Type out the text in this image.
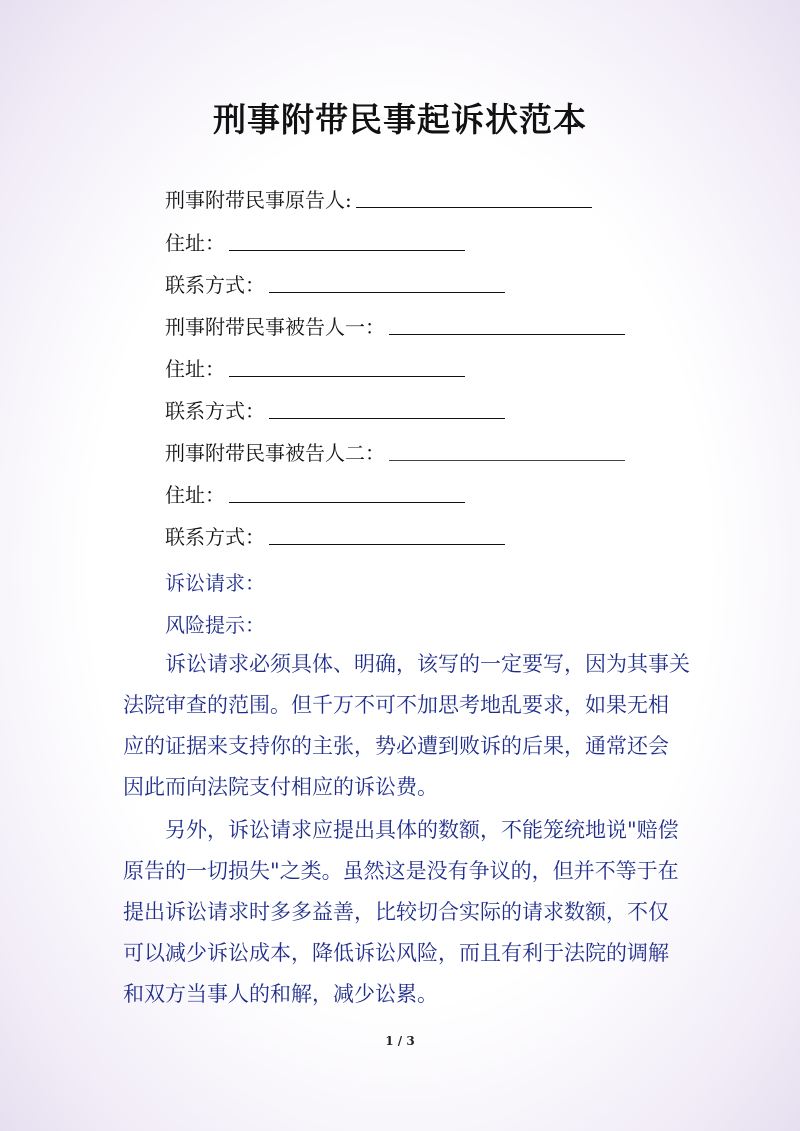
刑事附带民事起诉状范本
刑事附带民事原告人:
住址：
联系方式：
刑事附带民事被告人一：
住址：
联系方式：
刑事附带民事被告人二：
住址：
联系方式：
诉讼请求：
风险提示：
诉讼请求必须具体、明确，该写的一定要写，因为其事关
法院审查的范围。但千万不可不加思考地乱要求，如果无相
应的证据来支持你的主张，势必遭到败诉的后果，通常还会
因此而向法院支付相应的诉讼费。
另外，诉讼请求应提出具体的数额，不能笼统地说"赔偿
原告的一切损失"之类。虽然这是没有争议的，但并不等于在
提出诉讼请求时多多益善，比较切合实际的请求数额，不仅
可以减少诉讼成本，降低诉讼风险，而且有利于法院的调解
和双方当事人的和解，减少讼累。
1 / 3
